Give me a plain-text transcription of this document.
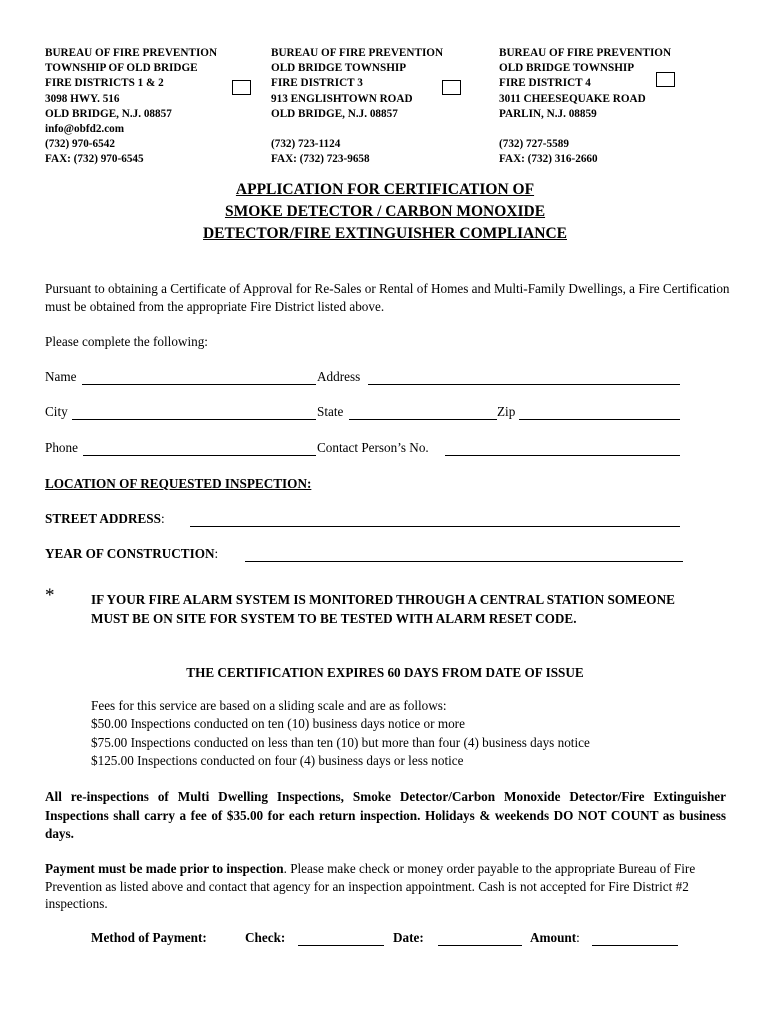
BUREAU OF FIRE PREVENTION
TOWNSHIP OF OLD BRIDGE
FIRE DISTRICTS 1 & 2
3098 HWY. 516
OLD BRIDGE, N.J. 08857
info@obfd2.com
(732) 970-6542
FAX: (732) 970-6545
BUREAU OF FIRE PREVENTION
OLD BRIDGE TOWNSHIP
FIRE DISTRICT 3
913 ENGLISHTOWN ROAD
OLD BRIDGE, N.J. 08857
(732) 723-1124
FAX: (732) 723-9658
BUREAU OF FIRE PREVENTION
OLD BRIDGE TOWNSHIP
FIRE DISTRICT 4
3011 CHEESEQUAKE ROAD
PARLIN, N.J. 08859
(732) 727-5589
FAX: (732) 316-2660
APPLICATION FOR CERTIFICATION OF
SMOKE DETECTOR / CARBON MONOXIDE
DETECTOR/FIRE EXTINGUISHER COMPLIANCE
Pursuant to obtaining a Certificate of Approval for Re-Sales or Rental of Homes and Multi-Family Dwellings, a Fire Certification must be obtained from the appropriate Fire District listed above.
Please complete the following:
Name	Address
City	State	Zip
Phone	Contact Person’s No.
LOCATION OF REQUESTED INSPECTION:
STREET ADDRESS:
YEAR OF CONSTRUCTION:
*	IF YOUR FIRE ALARM SYSTEM IS MONITORED THROUGH A CENTRAL STATION SOMEONE MUST BE ON SITE FOR SYSTEM TO BE TESTED WITH ALARM RESET CODE.
THE CERTIFICATION EXPIRES 60 DAYS FROM DATE OF ISSUE
Fees for this service are based on a sliding scale and are as follows:
$50.00 Inspections conducted on ten (10) business days notice or more
$75.00 Inspections conducted on less than ten (10) but more than four (4) business days notice
$125.00 Inspections conducted on four (4) business days or less notice
All re-inspections of Multi Dwelling Inspections, Smoke Detector/Carbon Monoxide Detector/Fire Extinguisher Inspections shall carry a fee of $35.00 for each return inspection. Holidays & weekends DO NOT COUNT as business days.
Payment must be made prior to inspection. Please make check or money order payable to the appropriate Bureau of Fire Prevention as listed above and contact that agency for an inspection appointment. Cash is not accepted for Fire District #2 inspections.
Method of Payment:	Check:	Date:	Amount:
